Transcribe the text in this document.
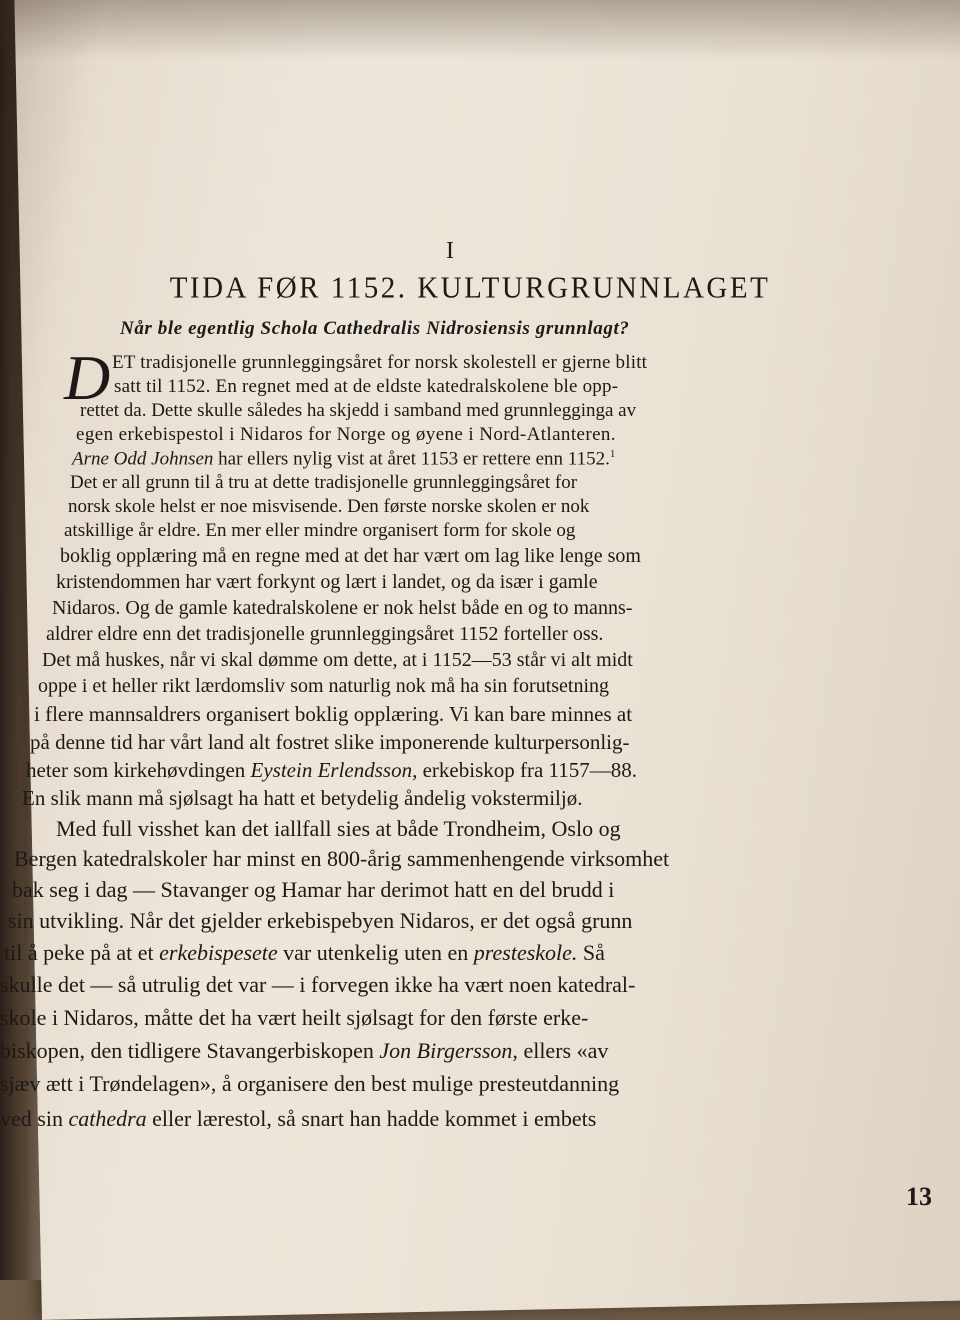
I
TIDA FØR 1152. KULTURGRUNNLAGET
Når ble egentlig Schola Cathedralis Nidrosiensis grunnlagt?
D ET tradisjonelle grunnleggingsåret for norsk skolestell er gjerne blitt
satt til 1152. En regnet med at de eldste katedralskolene ble opp-
rettet da. Dette skulle således ha skjedd i samband med grunnlegginga av
egen erkebispestol i Nidaros for Norge og øyene i Nord-Atlanteren.
Arne Odd Johnsen har ellers nylig vist at året 1153 er rettere enn 1152.$^1$
Det er all grunn til å tru at dette tradisjonelle grunnleggingsåret for
norsk skole helst er noe misvisende. Den første norske skolen er nok
atskillige år eldre. En mer eller mindre organisert form for skole og
boklig opplæring må en regne med at det har vært om lag like lenge som
kristendommen har vært forkynt og lært i landet, og da især i gamle
Nidaros. Og de gamle katedralskolene er nok helst både en og to manns-
aldrer eldre enn det tradisjonelle grunnleggingsåret 1152 forteller oss.
Det må huskes, når vi skal dømme om dette, at i 1152—53 står vi alt midt
oppe i et heller rikt lærdomsliv som naturlig nok må ha sin forutsetning
i flere mannsaldrers organisert boklig opplæring. Vi kan bare minnes at
på denne tid har vårt land alt fostret slike imponerende kulturpersonlig-
heter som kirkehøvdingen Eystein Erlendsson, erkebiskop fra 1157—88.
En slik mann må sjølsagt ha hatt et betydelig åndelig vokstermiljø.
Med full visshet kan det iallfall sies at både Trondheim, Oslo og
Bergen katedralskoler har minst en 800-årig sammenhengende virksomhet
bak seg i dag — Stavanger og Hamar har derimot hatt en del brudd i
sin utvikling. Når det gjelder erkebispebyen Nidaros, er det også grunn
til å peke på at et erkebispesete var utenkelig uten en presteskole. Så
skulle det — så utrulig det var — i forvegen ikke ha vært noen katedral-
skole i Nidaros, måtte det ha vært heilt sjølsagt for den første erke-
biskopen, den tidligere Stavangerbiskopen Jon Birgersson, ellers «av
sjæv ætt i Trøndelagen», å organisere den best mulige presteutdanning
ved sin cathedra eller lærestol, så snart han hadde kommet i embets
13
